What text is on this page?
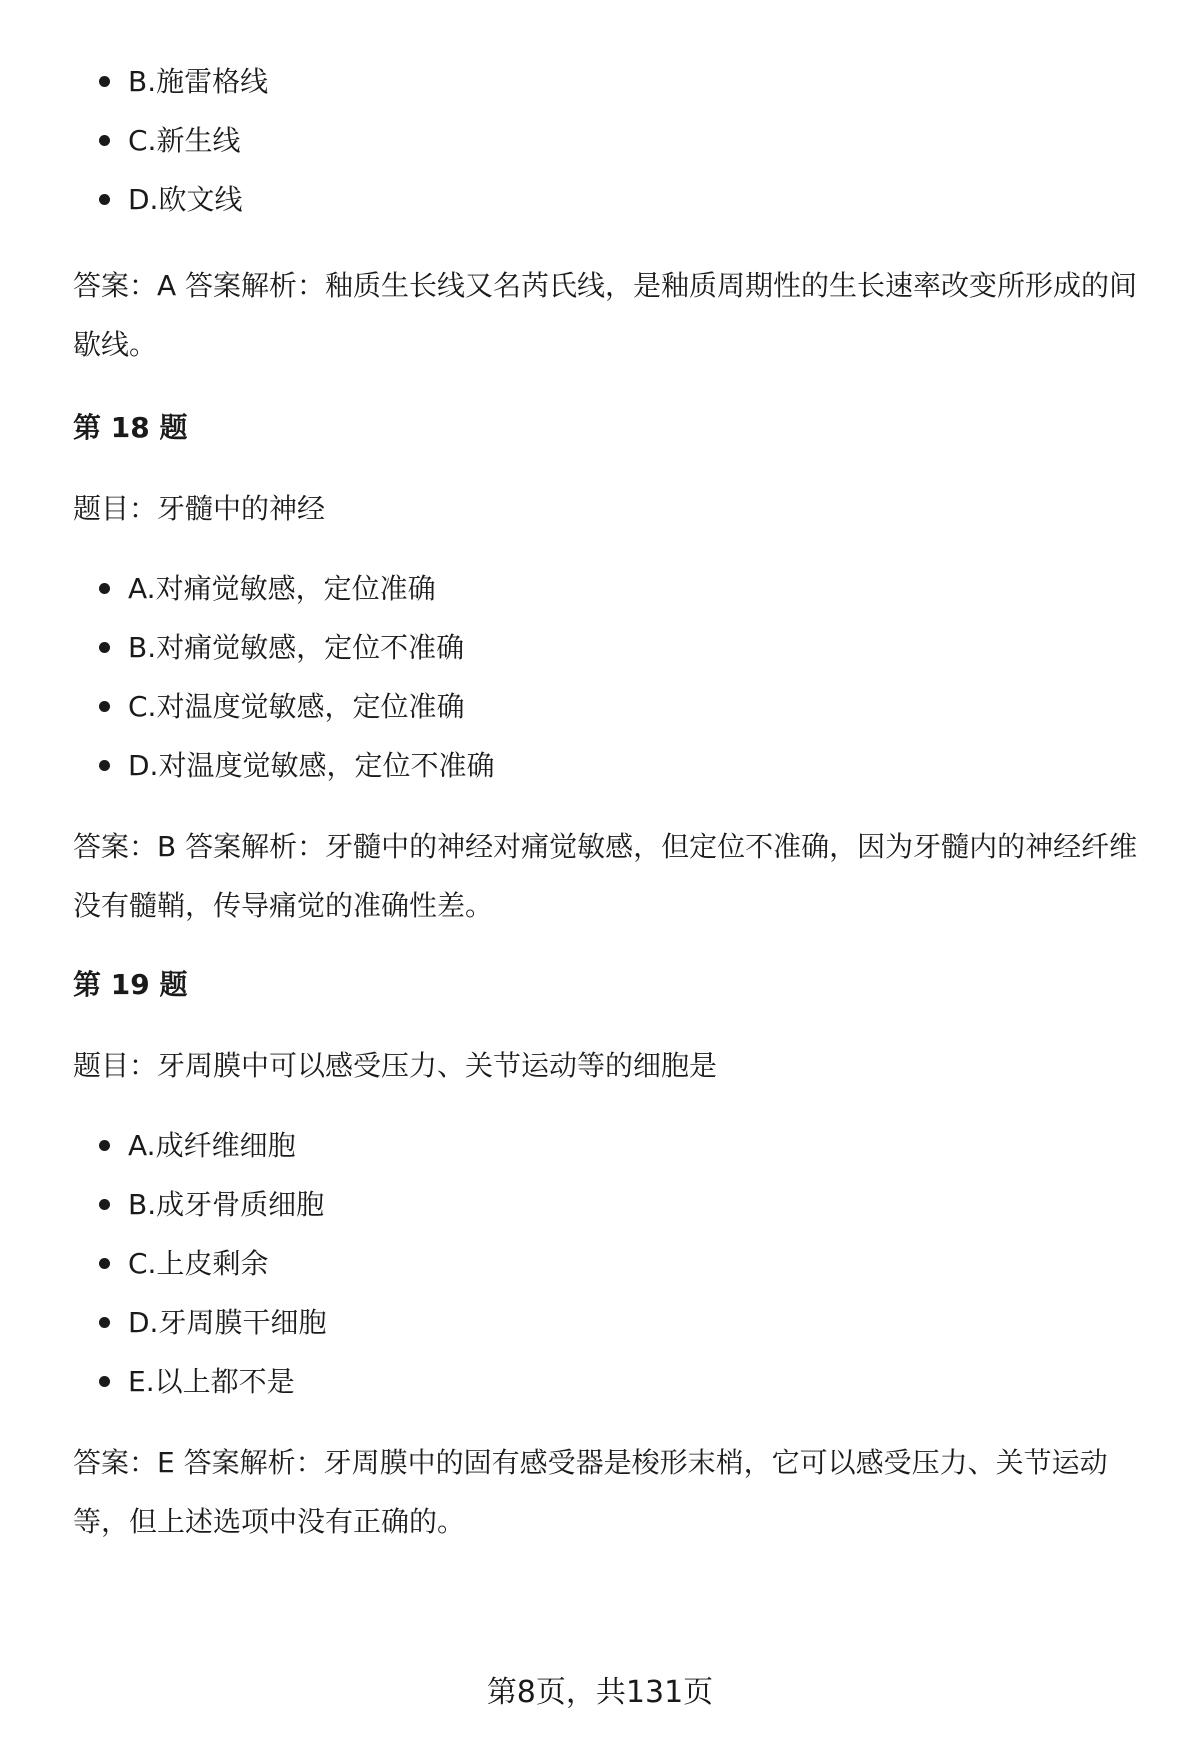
B.施雷格线
C.新生线
D.欧文线

答案：A 答案解析：釉质生长线又名芮氏线，是釉质周期性的生长速率改变所形成的间歇线。

第 18 题

题目：牙髓中的神经

A.对痛觉敏感，定位准确
B.对痛觉敏感，定位不准确
C.对温度觉敏感，定位准确
D.对温度觉敏感，定位不准确

答案：B 答案解析：牙髓中的神经对痛觉敏感，但定位不准确，因为牙髓内的神经纤维没有髓鞘，传导痛觉的准确性差。

第 19 题

题目：牙周膜中可以感受压力、关节运动等的细胞是

A.成纤维细胞
B.成牙骨质细胞
C.上皮剩余
D.牙周膜干细胞
E.以上都不是

答案：E 答案解析：牙周膜中的固有感受器是梭形末梢，它可以感受压力、关节运动等，但上述选项中没有正确的。

第8页，共131页
